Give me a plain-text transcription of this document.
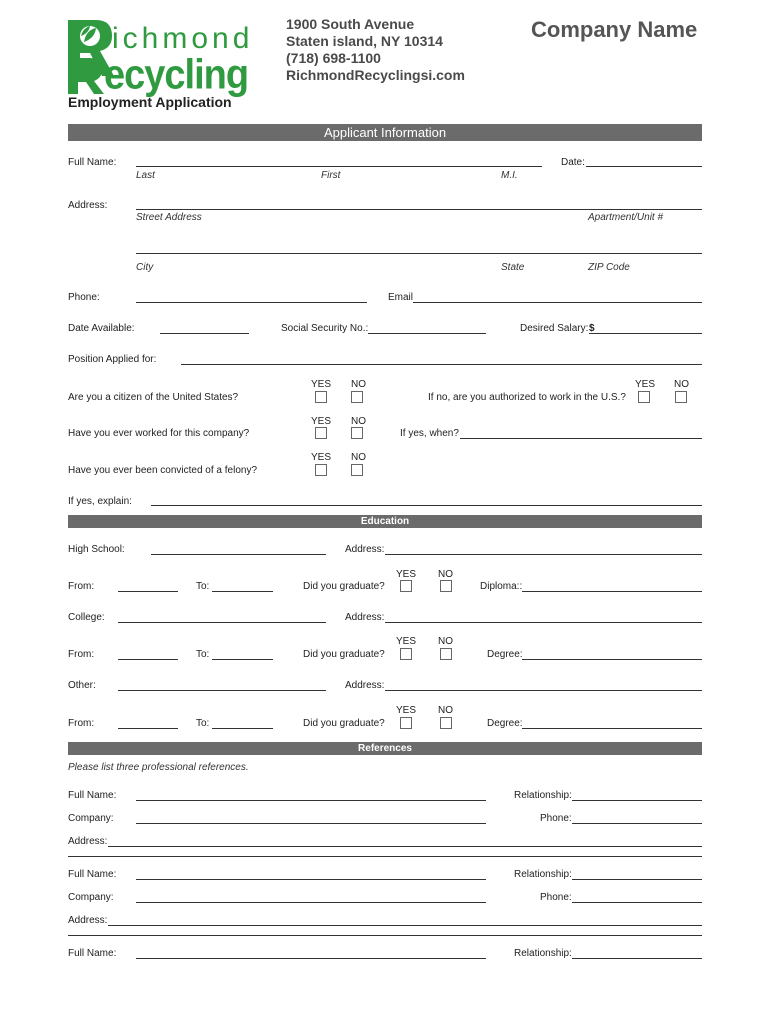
ichmond
ecycling
1900 South Avenue
Staten island, NY 10314
(718) 698-1100
RichmondRecyclingsi.com
Company Name
Employment Application
Applicant Information
Full Name:
Last	First	M.I.
Date:
Address:
Street Address	Apartment/Unit #
City	State	ZIP Code
Phone:	Email
Date Available:	Social Security No.:	Desired Salary: $
Position Applied for:
YES NO
Are you a citizen of the United States?
YES NO
If no, are you authorized to work in the U.S.?
YES NO
Have you ever worked for this company?	If yes, when?
YES NO
Have you ever been convicted of a felony?
If yes, explain:
Education
High School:	Address:
YES NO
From:	To:	Did you graduate?	Diploma::
College:	Address:
YES NO
From:	To:	Did you graduate?	Degree:
Other:	Address:
YES NO
From:	To:	Did you graduate?	Degree:
References
Please list three professional references.
Full Name:	Relationship:
Company:	Phone:
Address:
Full Name:	Relationship:
Company:	Phone:
Address:
Full Name:	Relationship:
